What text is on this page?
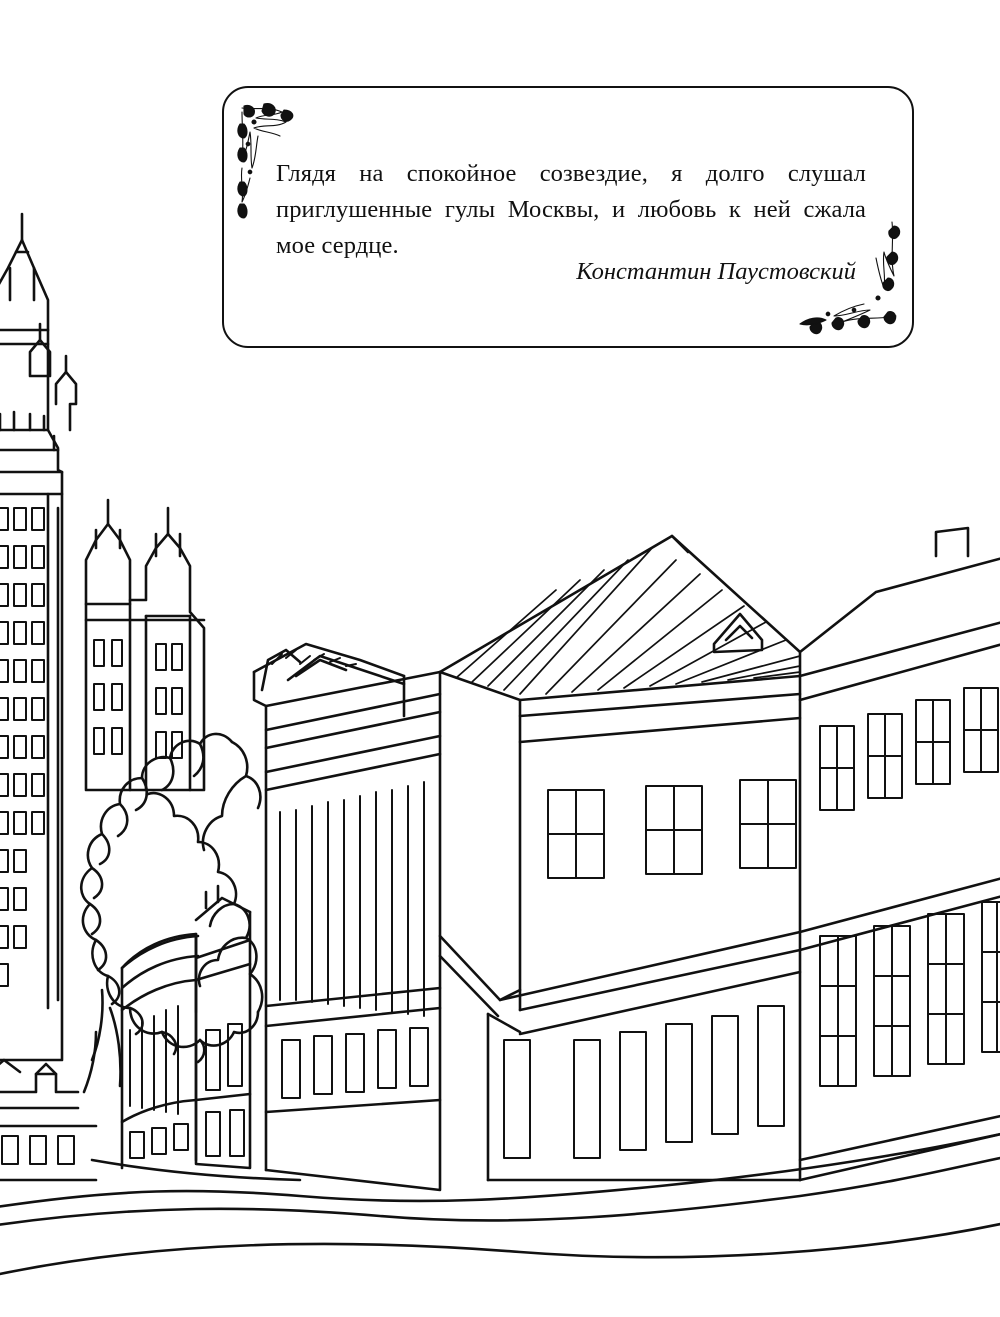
Глядя на спокойное созвездие, я долго слушал приглушенные гулы Москвы, и любовь к ней сжала мое сердце.
Константин Паустовский
